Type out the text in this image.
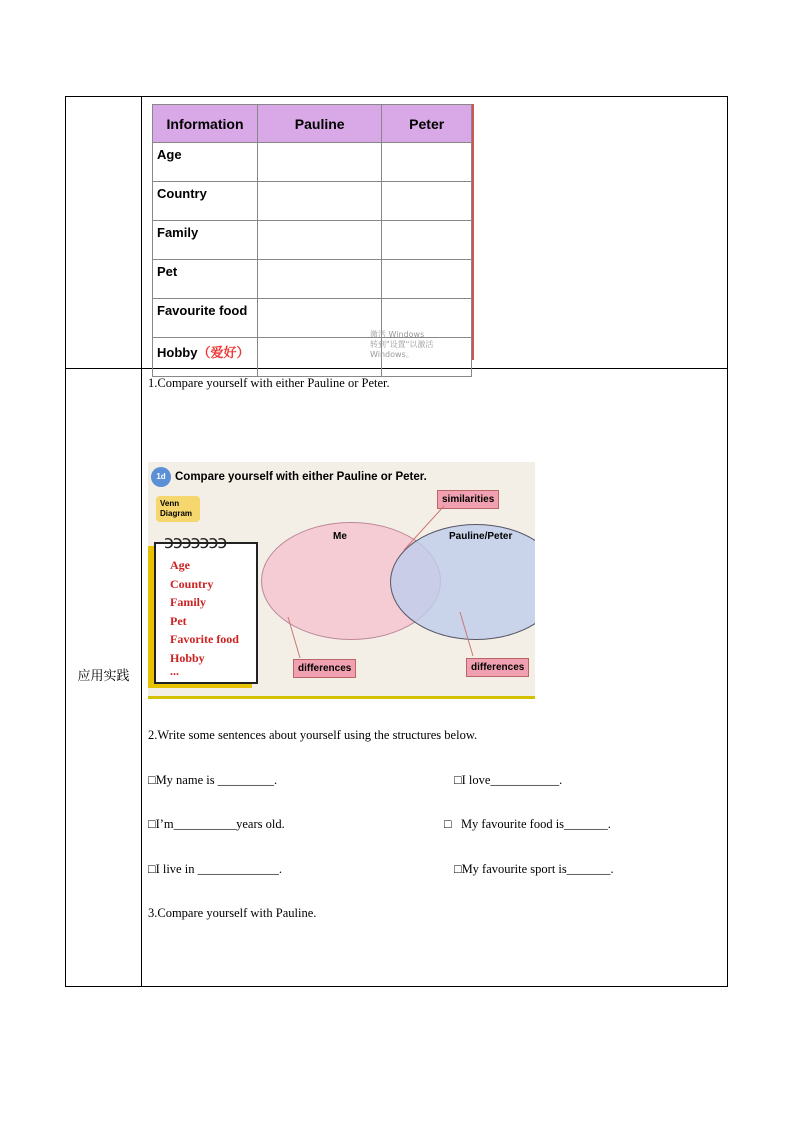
应用实践
Information	Pauline	Peter
Age		
Country		
Family		
Pet		
Favourite food		
Hobby（爱好）		
激活 Windows
转到"设置"以激活 Windows。
1.Compare yourself with either Pauline or Peter.
1d Compare yourself with either Pauline or Peter.
Venn Diagram
Me	Pauline/Peter
similarities
differences	differences
ɔɔɔɔɔɔɔ
Age
Country
Family
Pet
Favorite food
Hobby
...
2.Write some sentences about yourself using the structures below.
□My name is _________.	□I love___________.
□I’m__________years old.	□   My favourite food is_______.
□I live in _____________.	□My favourite sport is_______.
3.Compare yourself with Pauline.
